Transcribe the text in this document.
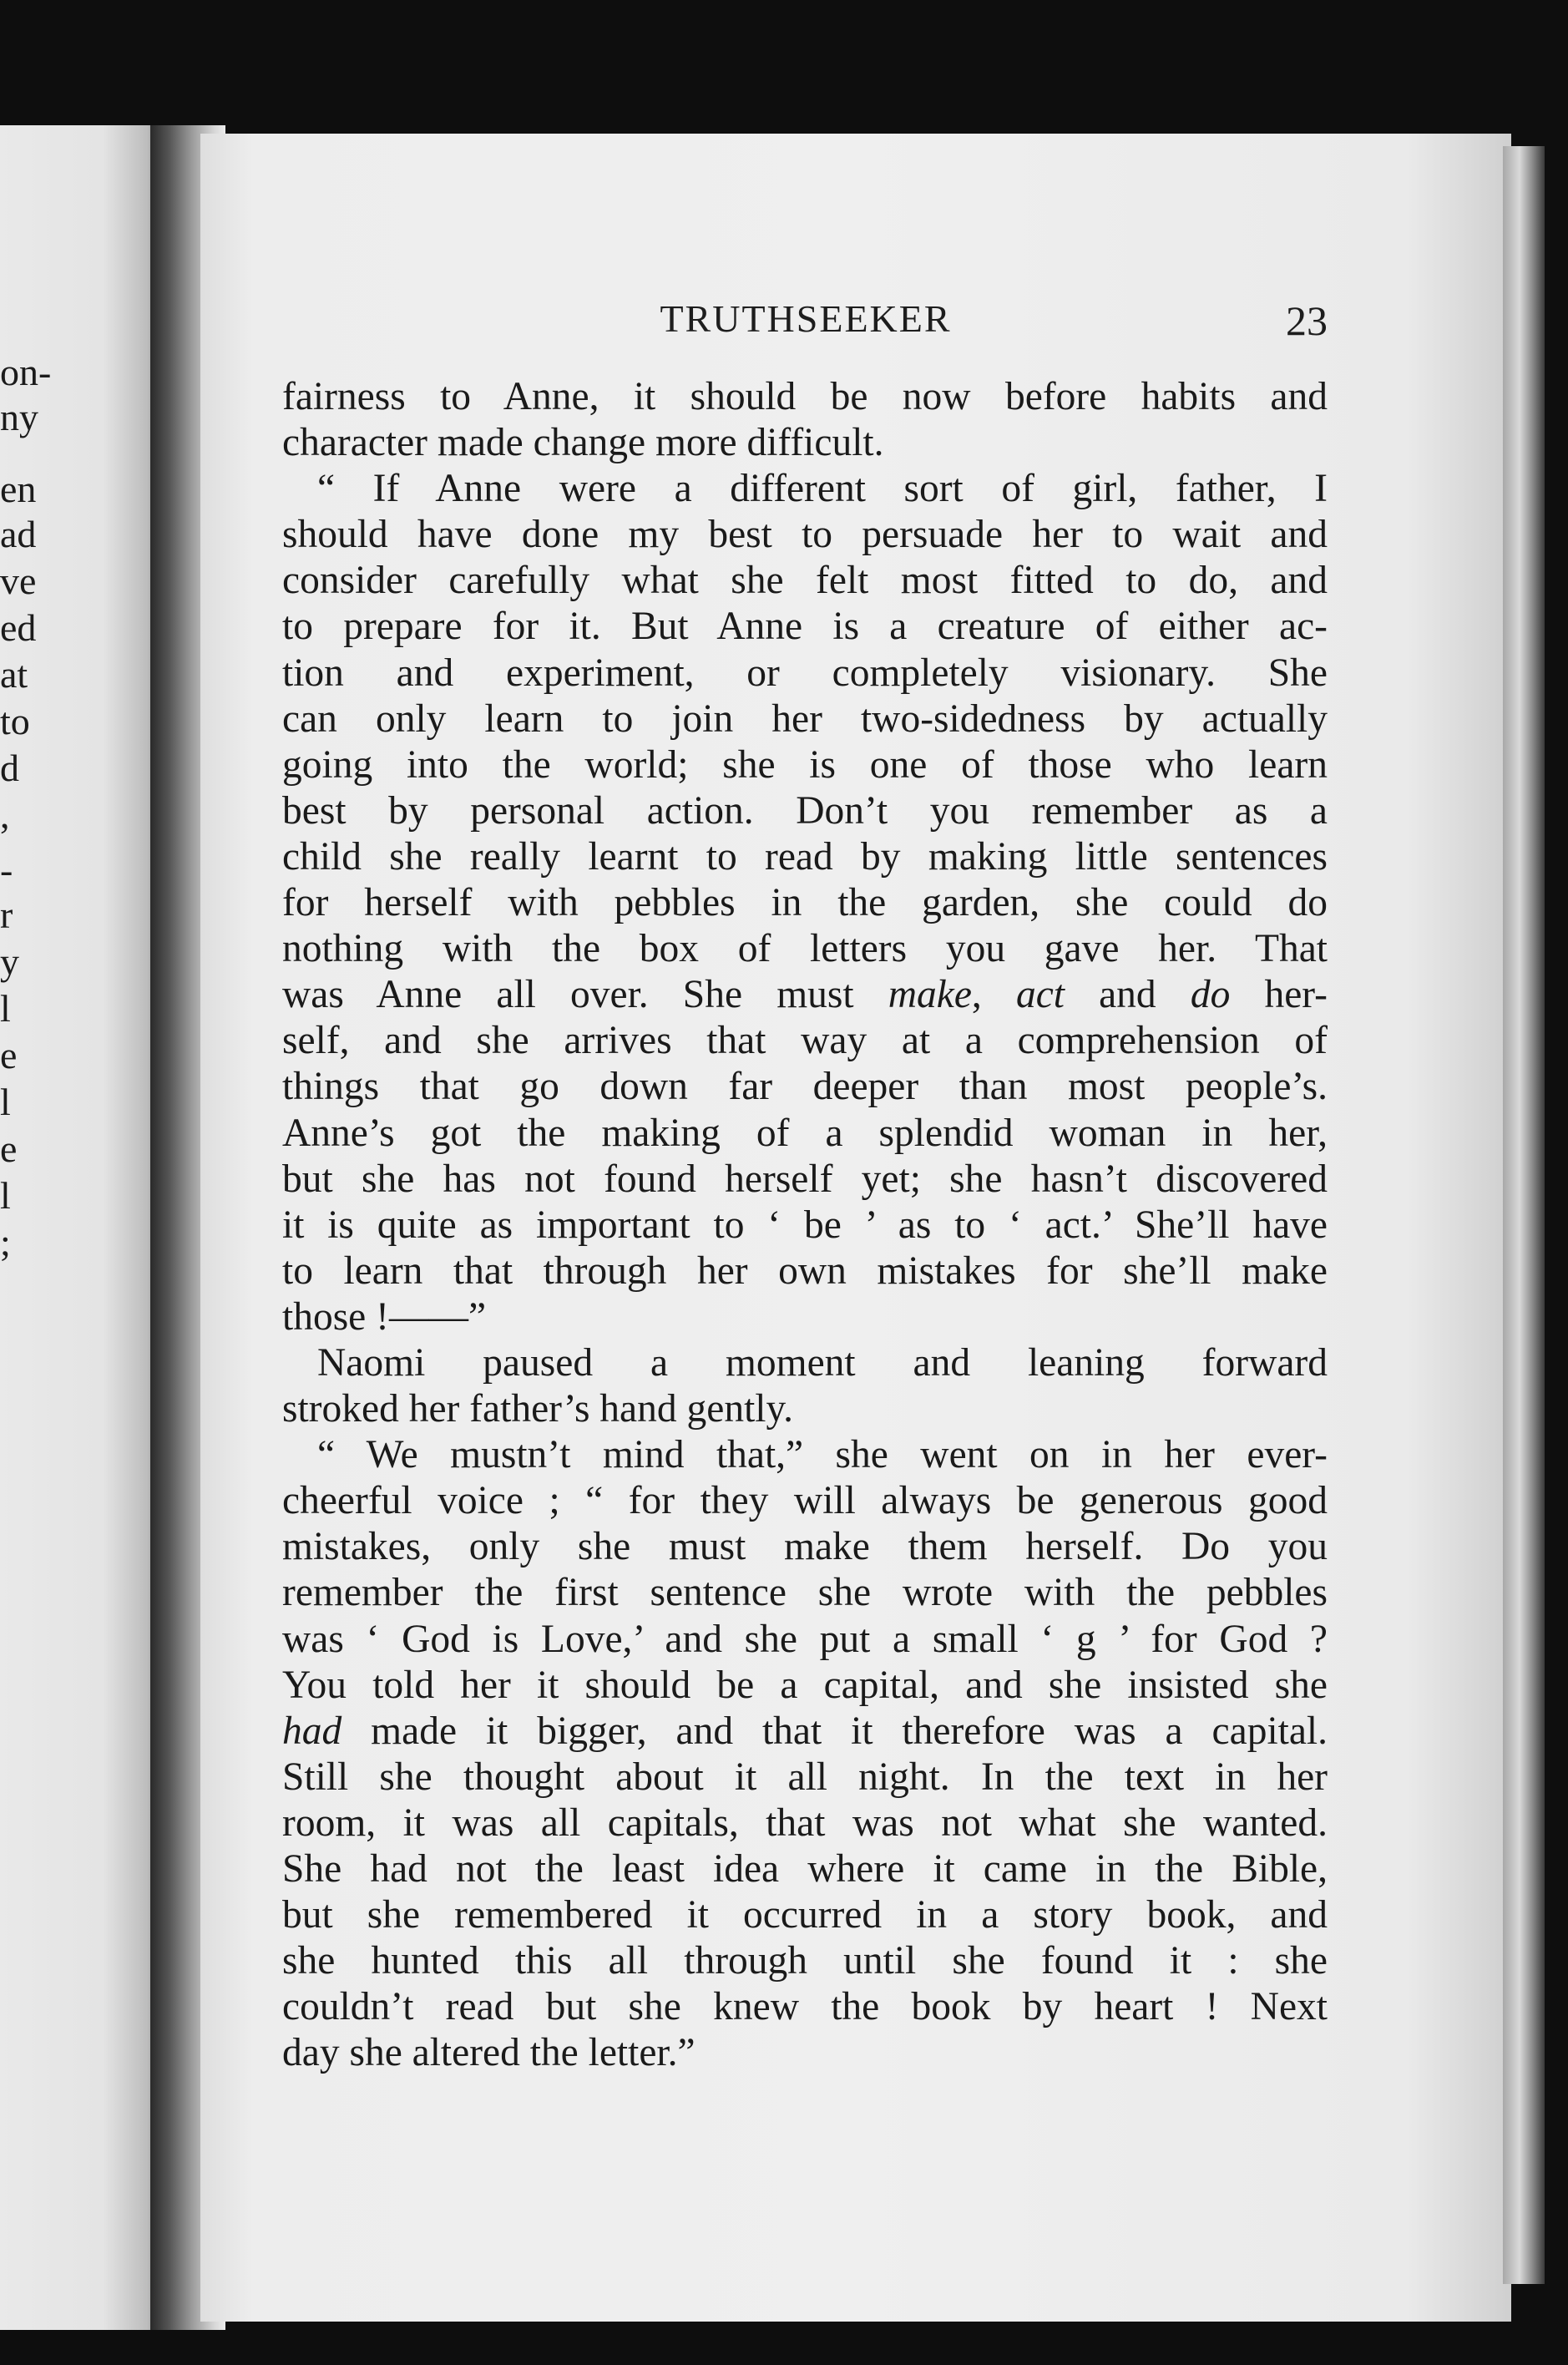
on-
ny
en
ad
ve
ed
at
to
d
,
-
r
y
l
e
l
e
l
;
TRUTHSEEKER	23
fairness to Anne, it should be now before habits and
character made change more difficult.
“ If Anne were a different sort of girl, father, I
should have done my best to persuade her to wait and
consider carefully what she felt most fitted to do, and
to prepare for it. But Anne is a creature of either ac-
tion and experiment, or completely visionary. She
can only learn to join her two-sidedness by actually
going into the world; she is one of those who learn
best by personal action. Don’t you remember as a
child she really learnt to read by making little sentences
for herself with pebbles in the garden, she could do
nothing with the box of letters you gave her. That
was Anne all over. She must make, act and do her-
self, and she arrives that way at a comprehension of
things that go down far deeper than most people’s.
Anne’s got the making of a splendid woman in her,
but she has not found herself yet; she hasn’t discovered
it is quite as important to ‘ be ’ as to ‘ act.’ She’ll have
to learn that through her own mistakes for she’ll make
those !——”
Naomi paused a moment and leaning forward
stroked her father’s hand gently.
“ We mustn’t mind that,” she went on in her ever-
cheerful voice ; “ for they will always be generous good
mistakes, only she must make them herself. Do you
remember the first sentence she wrote with the pebbles
was ‘ God is Love,’ and she put a small ‘ g ’ for God ?
You told her it should be a capital, and she insisted she
had made it bigger, and that it therefore was a capital.
Still she thought about it all night. In the text in her
room, it was all capitals, that was not what she wanted.
She had not the least idea where it came in the Bible,
but she remembered it occurred in a story book, and
she hunted this all through until she found it : she
couldn’t read but she knew the book by heart ! Next
day she altered the letter.”
